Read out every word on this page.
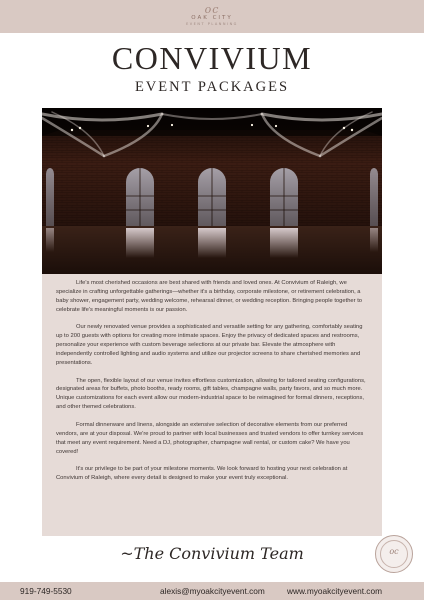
oc
OAK CITY
EVENT PLANNING
CONVIVIUM
EVENT PACKAGES

Life's most cherished occasions are best shared with friends and loved ones. At Convivium of Raleigh, we specialize in crafting unforgettable gatherings—whether it's a birthday, corporate milestone, or retirement celebration, a baby shower, engagement party, wedding welcome, rehearsal dinner, or wedding reception. Bringing people together to celebrate life's meaningful moments is our passion.

Our newly renovated venue provides a sophisticated and versatile setting for any gathering, comfortably seating up to 200 guests with options for creating more intimate spaces. Enjoy the privacy of dedicated spaces and restrooms, personalize your experience with custom beverage selections at our private bar. Elevate the atmosphere with independently controlled lighting and audio systems and utilize our projector screens to share cherished memories and presentations.

The open, flexible layout of our venue invites effortless customization, allowing for tailored seating configurations, designated areas for buffets, photo booths, ready rooms, gift tables, champagne walls, party favors, and so much more. Unique customizations for each event allow our modern-industrial space to be reimagined for formal dinners, receptions, and other themed celebrations.

Formal dinnerware and linens, alongside an extensive selection of decorative elements from our preferred vendors, are at your disposal. We're proud to partner with local businesses and trusted vendors to offer turnkey services that meet any event requirement. Need a DJ, photographer, champagne wall rental, or custom cake? We have you covered!

It's our privilege to be part of your milestone moments. We look forward to hosting your next celebration at Convivium of Raleigh, where every detail is designed to make your event truly exceptional.

~The Convivium Team	oc
919-749-5530	alexis@myoakcityevent.com	www.myoakcityevent.com
